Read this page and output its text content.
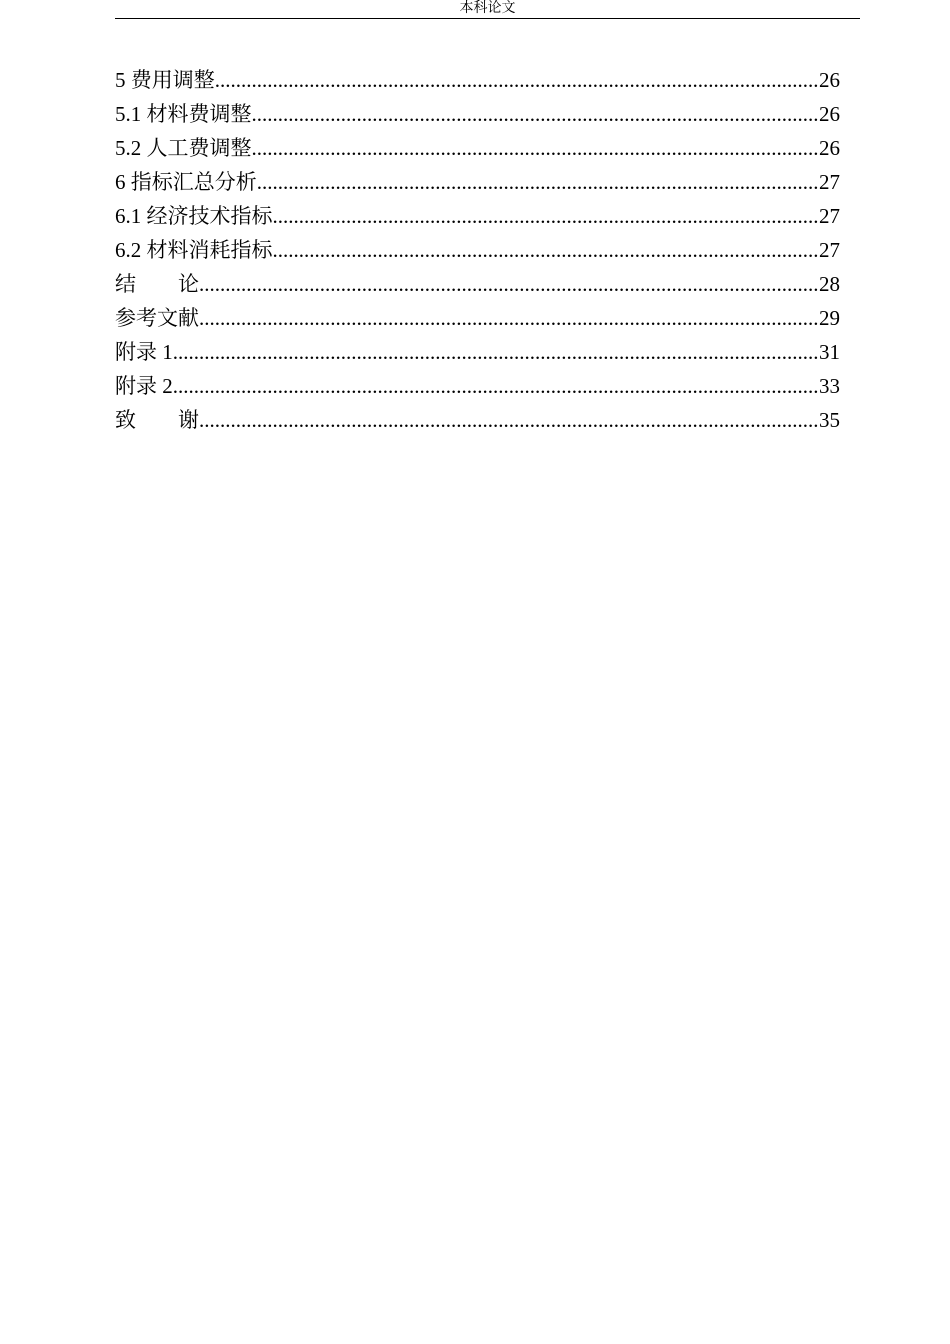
本科论文
5 费用调整 .....	26
5.1 材料费调整 .....	26
5.2 人工费调整 .....	26
6 指标汇总分析 .....	27
6.1 经济技术指标 .....	27
6.2 材料消耗指标 .....	27
结　　论 .....	28
参考文献 .....	29
附录 1 .....	31
附录 2 .....	33
致　　谢 .....	35
